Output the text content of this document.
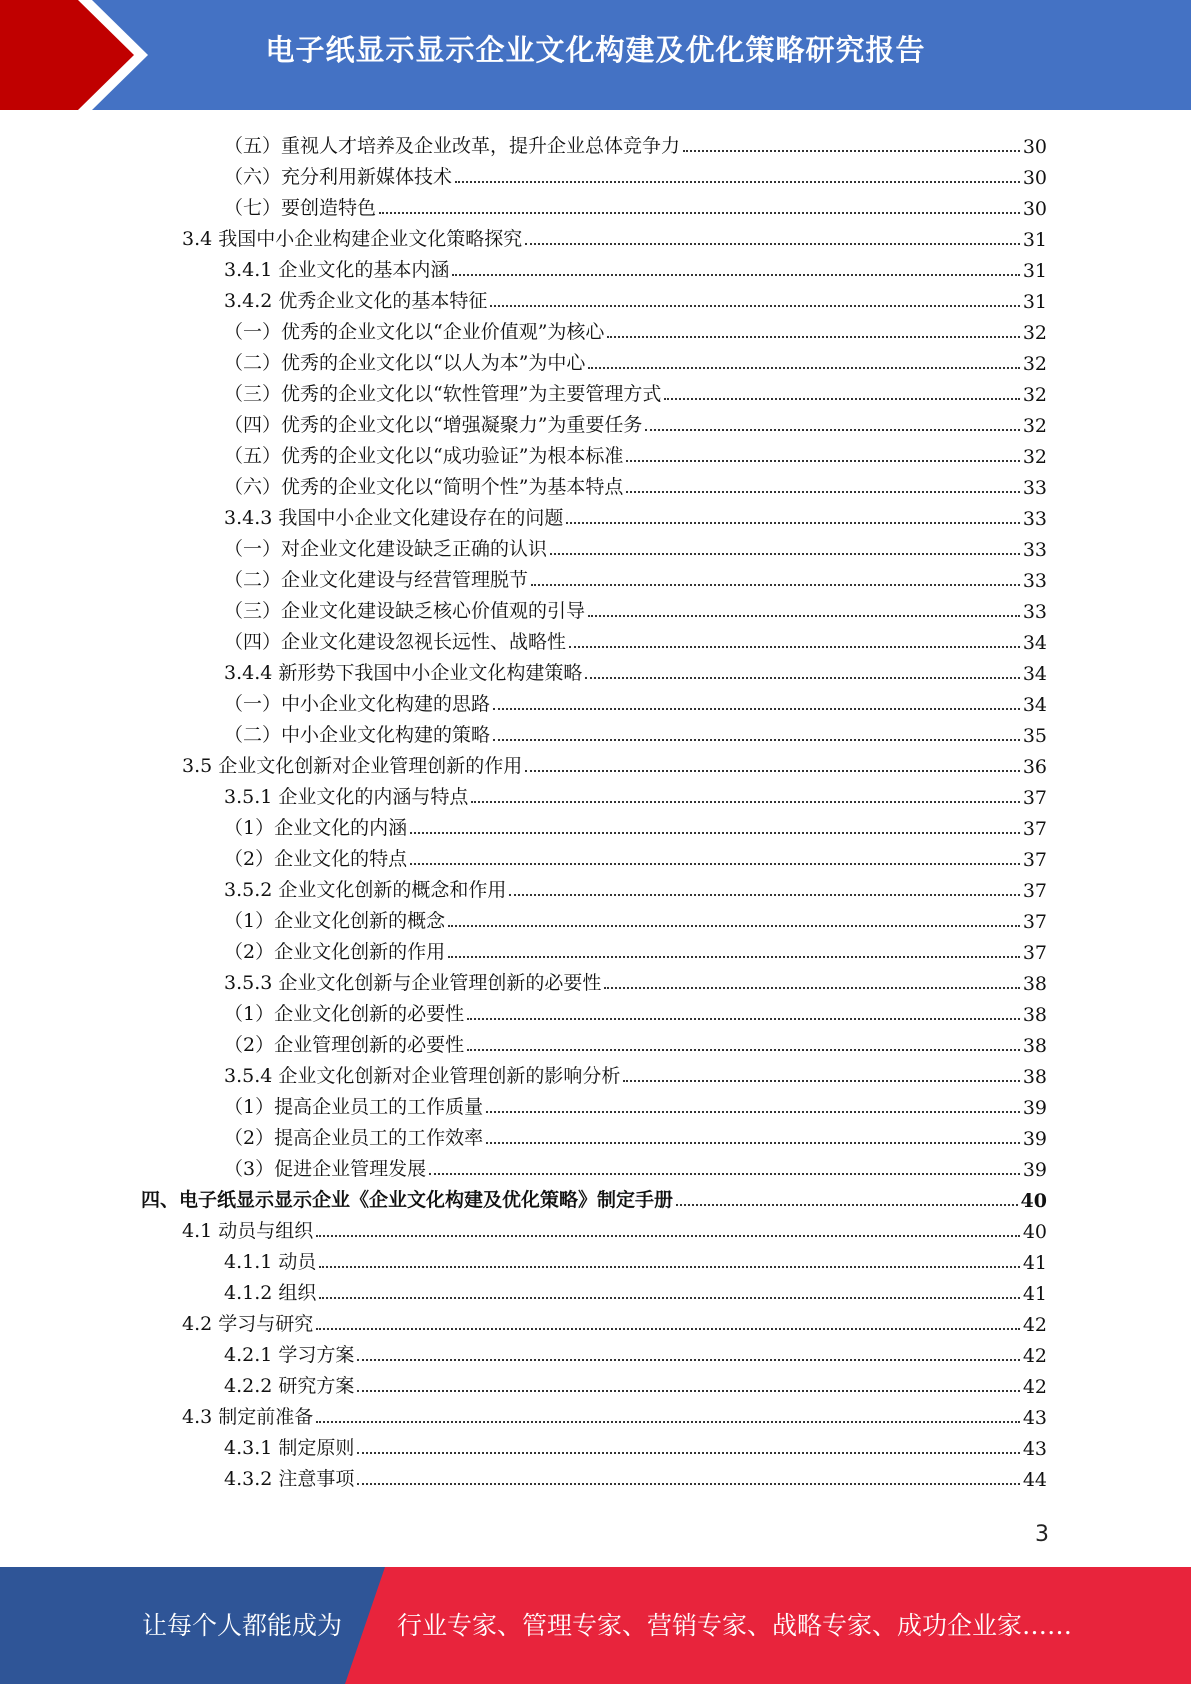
电子纸显示显示企业文化构建及优化策略研究报告
（五）重视人才培养及企业改革，提升企业总体竞争力	30
（六）充分利用新媒体技术	30
（七）要创造特色	30
3.4 我国中小企业构建企业文化策略探究	31
3.4.1 企业文化的基本内涵	31
3.4.2 优秀企业文化的基本特征	31
（一）优秀的企业文化以“企业价值观”为核心	32
（二）优秀的企业文化以“以人为本”为中心	32
（三）优秀的企业文化以“软性管理”为主要管理方式	32
（四）优秀的企业文化以“增强凝聚力”为重要任务	32
（五）优秀的企业文化以“成功验证”为根本标准	32
（六）优秀的企业文化以“简明个性”为基本特点	33
3.4.3 我国中小企业文化建设存在的问题	33
（一）对企业文化建设缺乏正确的认识	33
（二）企业文化建设与经营管理脱节	33
（三）企业文化建设缺乏核心价值观的引导	33
（四）企业文化建设忽视长远性、战略性	34
3.4.4 新形势下我国中小企业文化构建策略	34
（一）中小企业文化构建的思路	34
（二）中小企业文化构建的策略	35
3.5 企业文化创新对企业管理创新的作用	36
3.5.1 企业文化的内涵与特点	37
（1）企业文化的内涵	37
（2）企业文化的特点	37
3.5.2 企业文化创新的概念和作用	37
（1）企业文化创新的概念	37
（2）企业文化创新的作用	37
3.5.3 企业文化创新与企业管理创新的必要性	38
（1）企业文化创新的必要性	38
（2）企业管理创新的必要性	38
3.5.4 企业文化创新对企业管理创新的影响分析	38
（1）提高企业员工的工作质量	39
（2）提高企业员工的工作效率	39
（3）促进企业管理发展	39
四、电子纸显示显示企业《企业文化构建及优化策略》制定手册	40
4.1 动员与组织	40
4.1.1 动员	41
4.1.2 组织	41
4.2 学习与研究	42
4.2.1 学习方案	42
4.2.2 研究方案	42
4.3 制定前准备	43
4.3.1 制定原则	43
4.3.2 注意事项	44
3
让每个人都能成为 行业专家、管理专家、营销专家、战略专家、成功企业家……
